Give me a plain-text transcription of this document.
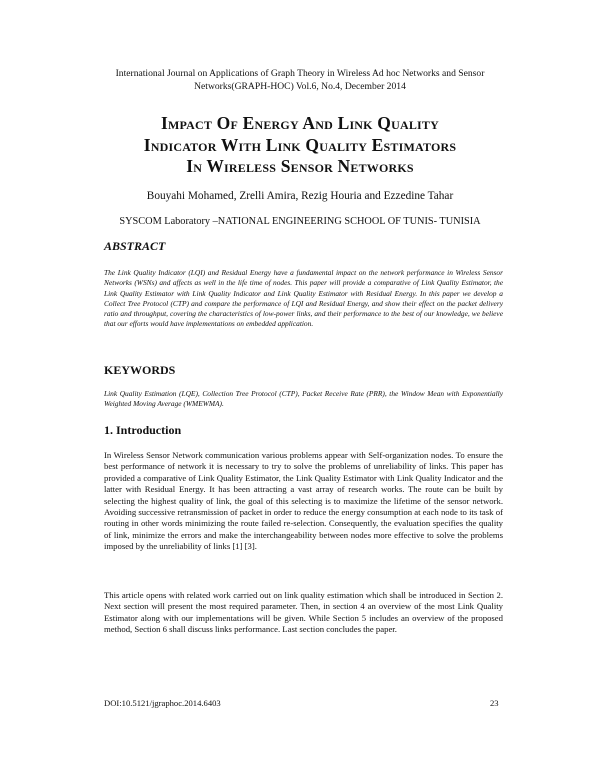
International Journal on Applications of Graph Theory in Wireless Ad hoc Networks and Sensor
Networks(GRAPH-HOC) Vol.6, No.4, December 2014
Impact Of Energy And Link Quality
Indicator With Link Quality Estimators
In Wireless Sensor Networks
Bouyahi Mohamed, Zrelli Amira, Rezig Houria and Ezzedine Tahar
SYSCOM Laboratory –NATIONAL ENGINEERING SCHOOL OF TUNIS- TUNISIA
ABSTRACT

The Link Quality Indicator (LQI) and Residual Energy have a fundamental impact on the network performance in Wireless Sensor Networks (WSNs) and affects as well in the life time of nodes. This paper will provide a comparative of Link Quality Estimator, the Link Quality Estimator with Link Quality Indicator and Link Quality Estimator with Residual Energy. In this paper we develop a Collect Tree Protocol (CTP) and compare the performance of LQI and Residual Energy, and show their effect on the packet delivery ratio and throughput, covering the characteristics of low-power links, and their performance to the best of our knowledge, we believe that our efforts would have implementations on embedded application.

KEYWORDS

Link Quality Estimation (LQE), Collection Tree Protocol (CTP), Packet Receive Rate (PRR), the Window Mean with Exponentially Weighted Moving Average (WMEWMA).

1. Introduction

In Wireless Sensor Network communication various problems appear with Self-organization nodes. To ensure the best performance of network it is necessary to try to solve the problems of unreliability of links. This paper has provided a comparative of Link Quality Estimator, the Link Quality Estimator with Link Quality Indicator and the latter with Residual Energy. It has been attracting a vast array of research works. The route can be built by selecting the highest quality of link, the goal of this selecting is to maximize the lifetime of the sensor network. Avoiding successive retransmission of packet in order to reduce the energy consumption at each node to its task of routing in other words minimizing the route failed re-selection. Consequently, the evaluation specifies the quality of link, minimize the errors and make the interchangeability between nodes more effective to solve the problems imposed by the unreliability of links [1] [3].

This article opens with related work carried out on link quality estimation which shall be introduced in Section 2. Next section will present the most required parameter. Then, in section 4 an overview of the most Link Quality Estimator along with our implementations will be given. While Section 5 includes an overview of the proposed method, Section 6 shall discuss links performance. Last section concludes the paper.

DOI:10.5121/jgraphoc.2014.6403	23
